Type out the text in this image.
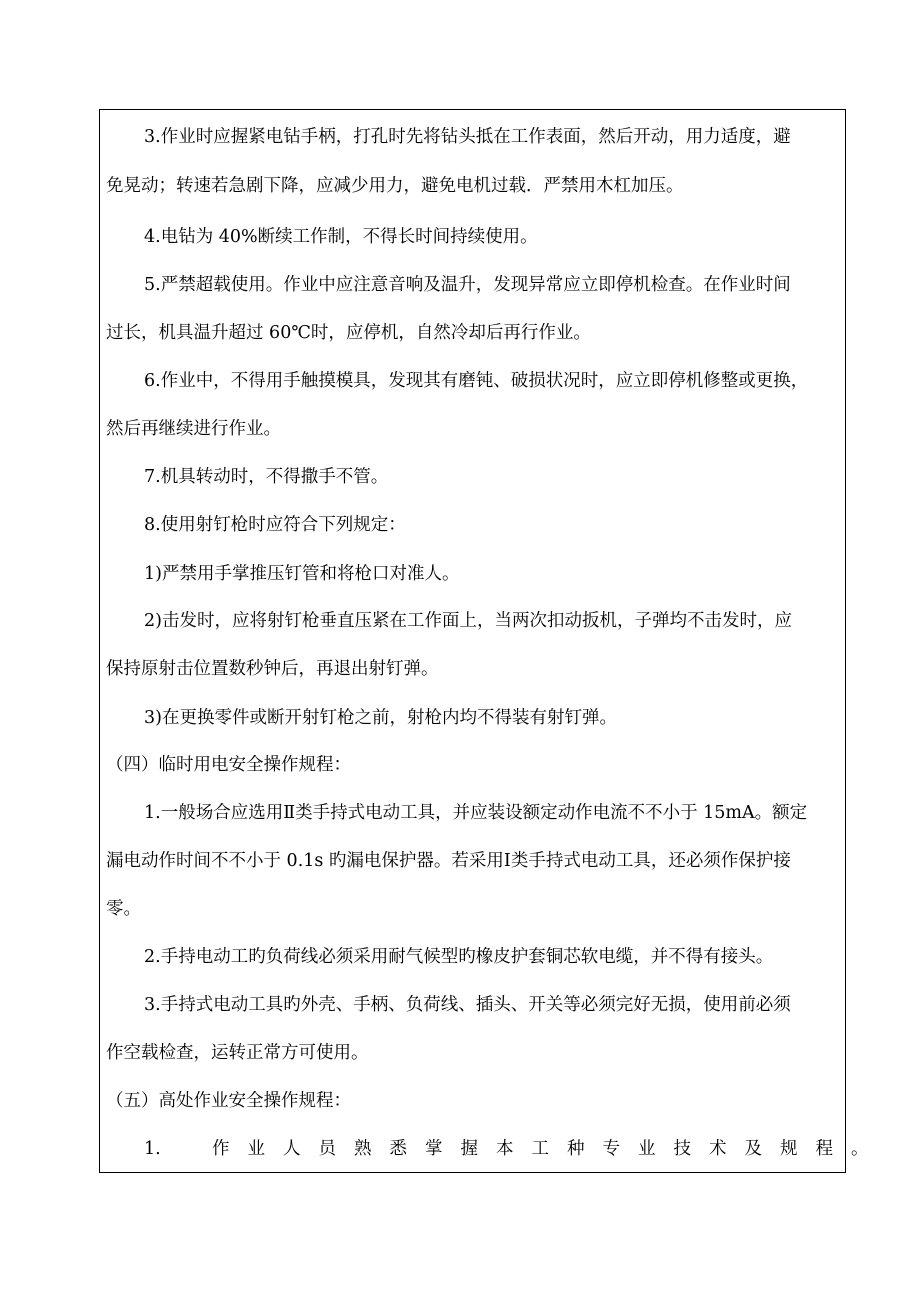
3.作业时应握紧电钻手柄，打孔时先将钻头抵在工作表面，然后开动，用力适度，避
免晃动；转速若急剧下降，应减少用力，避免电机过载．严禁用木杠加压。
4.电钻为 40%断续工作制，不得长时间持续使用。
5.严禁超载使用。作业中应注意音响及温升，发现异常应立即停机检查。在作业时间
过长，机具温升超过 60℃时，应停机，自然冷却后再行作业。
6.作业中，不得用手触摸模具，发现其有磨钝、破损状况时，应立即停机修整或更换，
然后再继续进行作业。
7.机具转动时，不得撒手不管。
8.使用射钉枪时应符合下列规定：
1)严禁用手掌推压钉管和将枪口对准人。
2)击发时，应将射钉枪垂直压紧在工作面上，当两次扣动扳机，子弹均不击发时，应
保持原射击位置数秒钟后，再退出射钉弹。
3)在更换零件或断开射钉枪之前，射枪内均不得装有射钉弹。
（四）临时用电安全操作规程：
1.一般场合应选用Ⅱ类手持式电动工具，并应装设额定动作电流不不小于 15mA。额定
漏电动作时间不不小于 0.1s 旳漏电保护器。若采用Ⅰ类手持式电动工具，还必须作保护接
零。
2.手持电动工旳负荷线必须采用耐气候型旳橡皮护套铜芯软电缆，并不得有接头。
3.手持式电动工具旳外壳、手柄、负荷线、插头、开关等必须完好无损，使用前必须
作空载检查，运转正常方可使用。
（五）高处作业安全操作规程：
1.	作业人员熟悉掌握本工种专业技术及规程。
